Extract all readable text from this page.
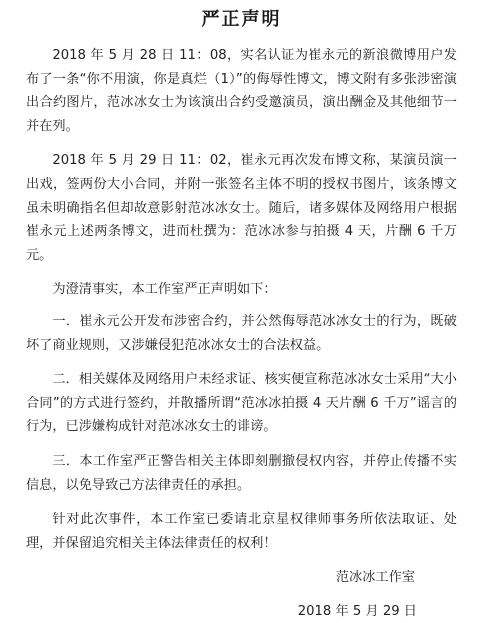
严正声明

2018 年 5 月 28 日 11：08，实名认证为崔永元的新浪微博用户发布了一条“你不用演，你是真烂（1）”的侮辱性博文，博文附有多张涉密演出合约图片，范冰冰女士为该演出合约受邀演员，演出酬金及其他细节一并在列。

2018 年 5 月 29 日 11：02，崔永元再次发布博文称，某演员演一出戏，签两份大小合同，并附一张签名主体不明的授权书图片，该条博文虽未明确指名但却故意影射范冰冰女士。随后，诸多媒体及网络用户根据崔永元上述两条博文，进而杜撰为：范冰冰参与拍摄 4 天，片酬 6 千万元。

为澄清事实，本工作室严正声明如下：

一．崔永元公开发布涉密合约，并公然侮辱范冰冰女士的行为，既破坏了商业规则，又涉嫌侵犯范冰冰女士的合法权益。

二．相关媒体及网络用户未经求证、核实便宣称范冰冰女士采用“大小合同”的方式进行签约，并散播所谓“范冰冰拍摄 4 天片酬 6 千万”谣言的行为，已涉嫌构成针对范冰冰女士的诽谤。

三．本工作室严正警告相关主体即刻删撤侵权内容，并停止传播不实信息，以免导致己方法律责任的承担。

针对此次事件，本工作室已委请北京星权律师事务所依法取证、处理，并保留追究相关主体法律责任的权利！

范冰冰工作室

2018 年 5 月 29 日
